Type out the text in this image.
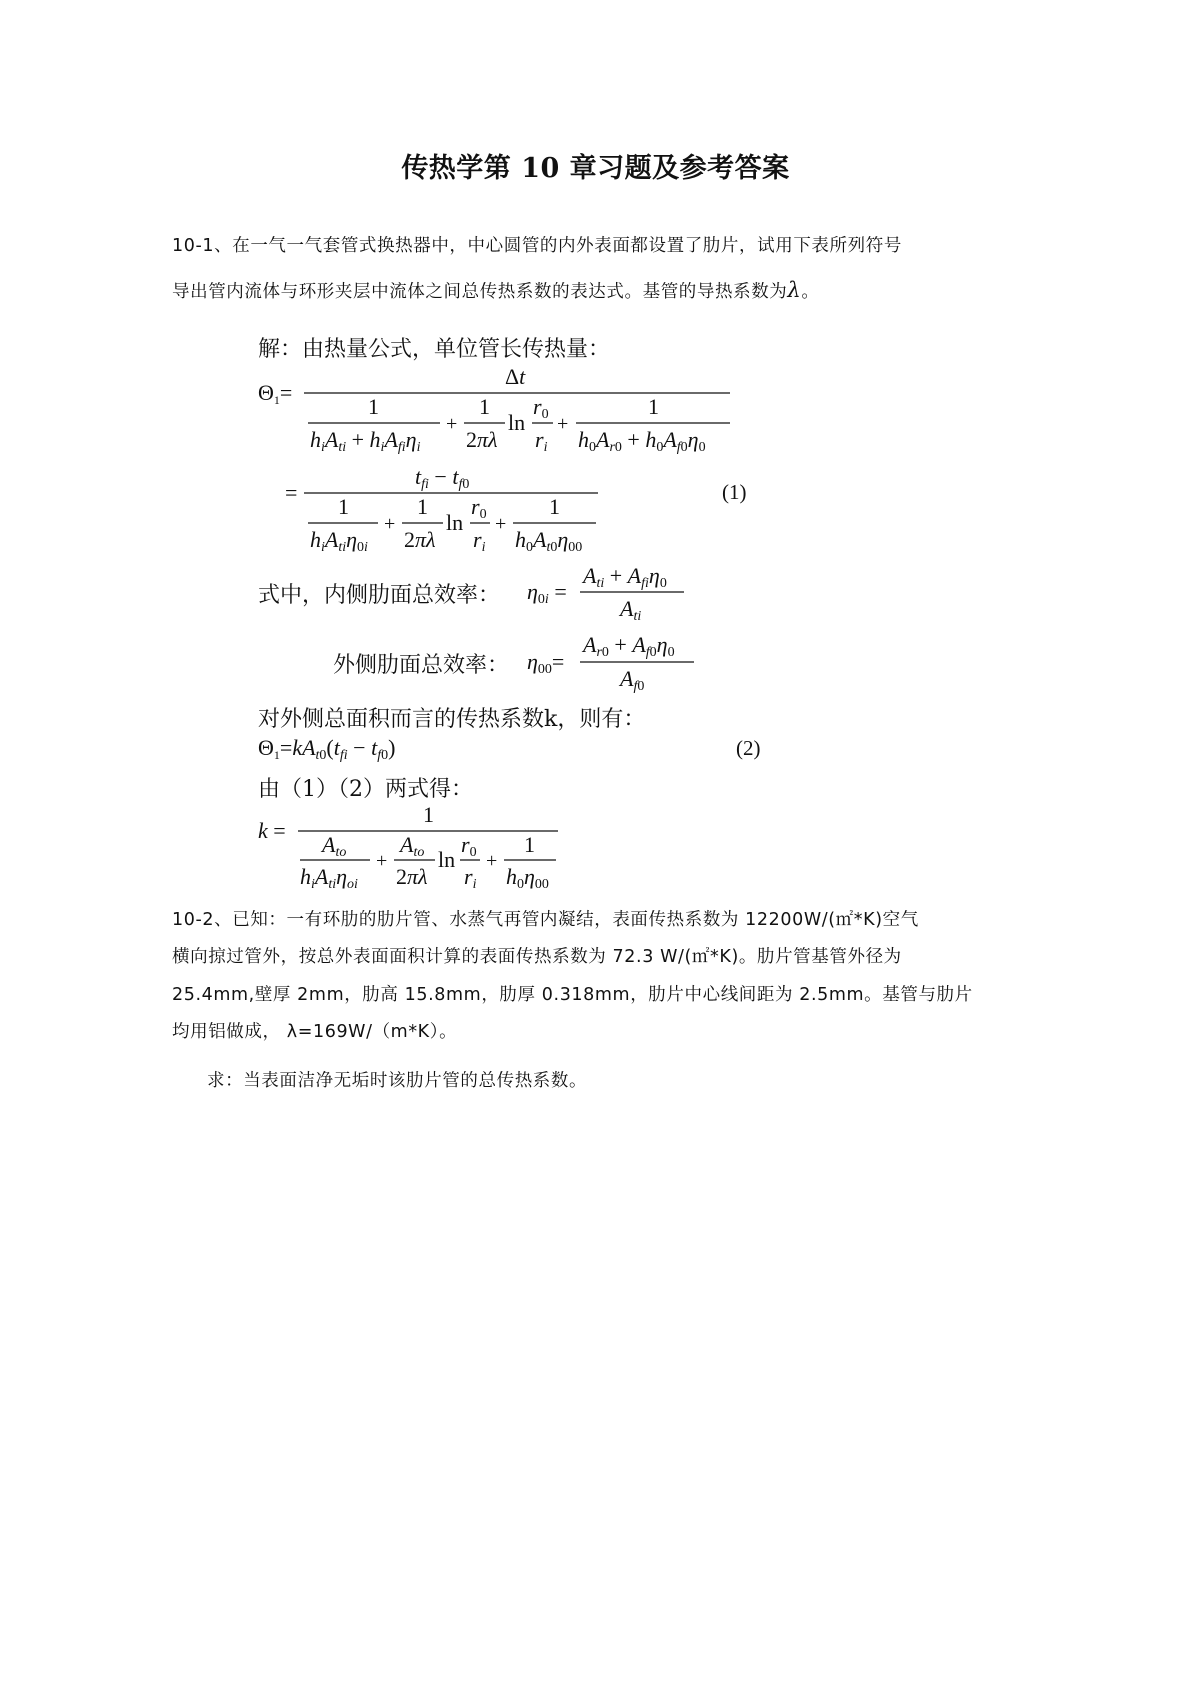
传热学第 10 章习题及参考答案
10-1、在一气一气套管式换热器中，中心圆管的内外表面都设置了肋片，试用下表所列符号
导出管内流体与环形夹层中流体之间总传热系数的表达式。基管的导热系数为λ。
解：由热量公式，单位管长传热量：
Θ1=
Δt
1
hiAti + hiAfiηi
+
1
2πλ
ln
r0
ri
+
1
h0Ar0 + h0Af0η0
=
tfi − tf0
1
hiAtiη0i
+
1
2πλ
ln
r0
ri
+
1
h0At0η00
η0i =
Ati + Afiη0
Ati
η00=
Ar0 + Af0η0
Af0
Θ1=kAt0(tfi − tf0)
k =
1
Ato
hiAtiηoi
+
Ato
2πλ
ln
r0
ri
+
1
h0η00
(1)
式中，内侧肋面总效率：
外侧肋面总效率：
对外侧总面积而言的传热系数k，则有：
(2)
由（1）（2）两式得：
10-2、已知：一有环肋的肋片管、水蒸气再管内凝结，表面传热系数为 12200W/(㎡*K)空气
横向掠过管外，按总外表面面积计算的表面传热系数为 72.3 W/(㎡*K)。肋片管基管外径为
25.4mm,壁厚 2mm，肋高 15.8mm，肋厚 0.318mm，肋片中心线间距为 2.5mm。基管与肋片
均用铝做成， λ=169W/（m*K）。
求：当表面洁净无垢时该肋片管的总传热系数。
